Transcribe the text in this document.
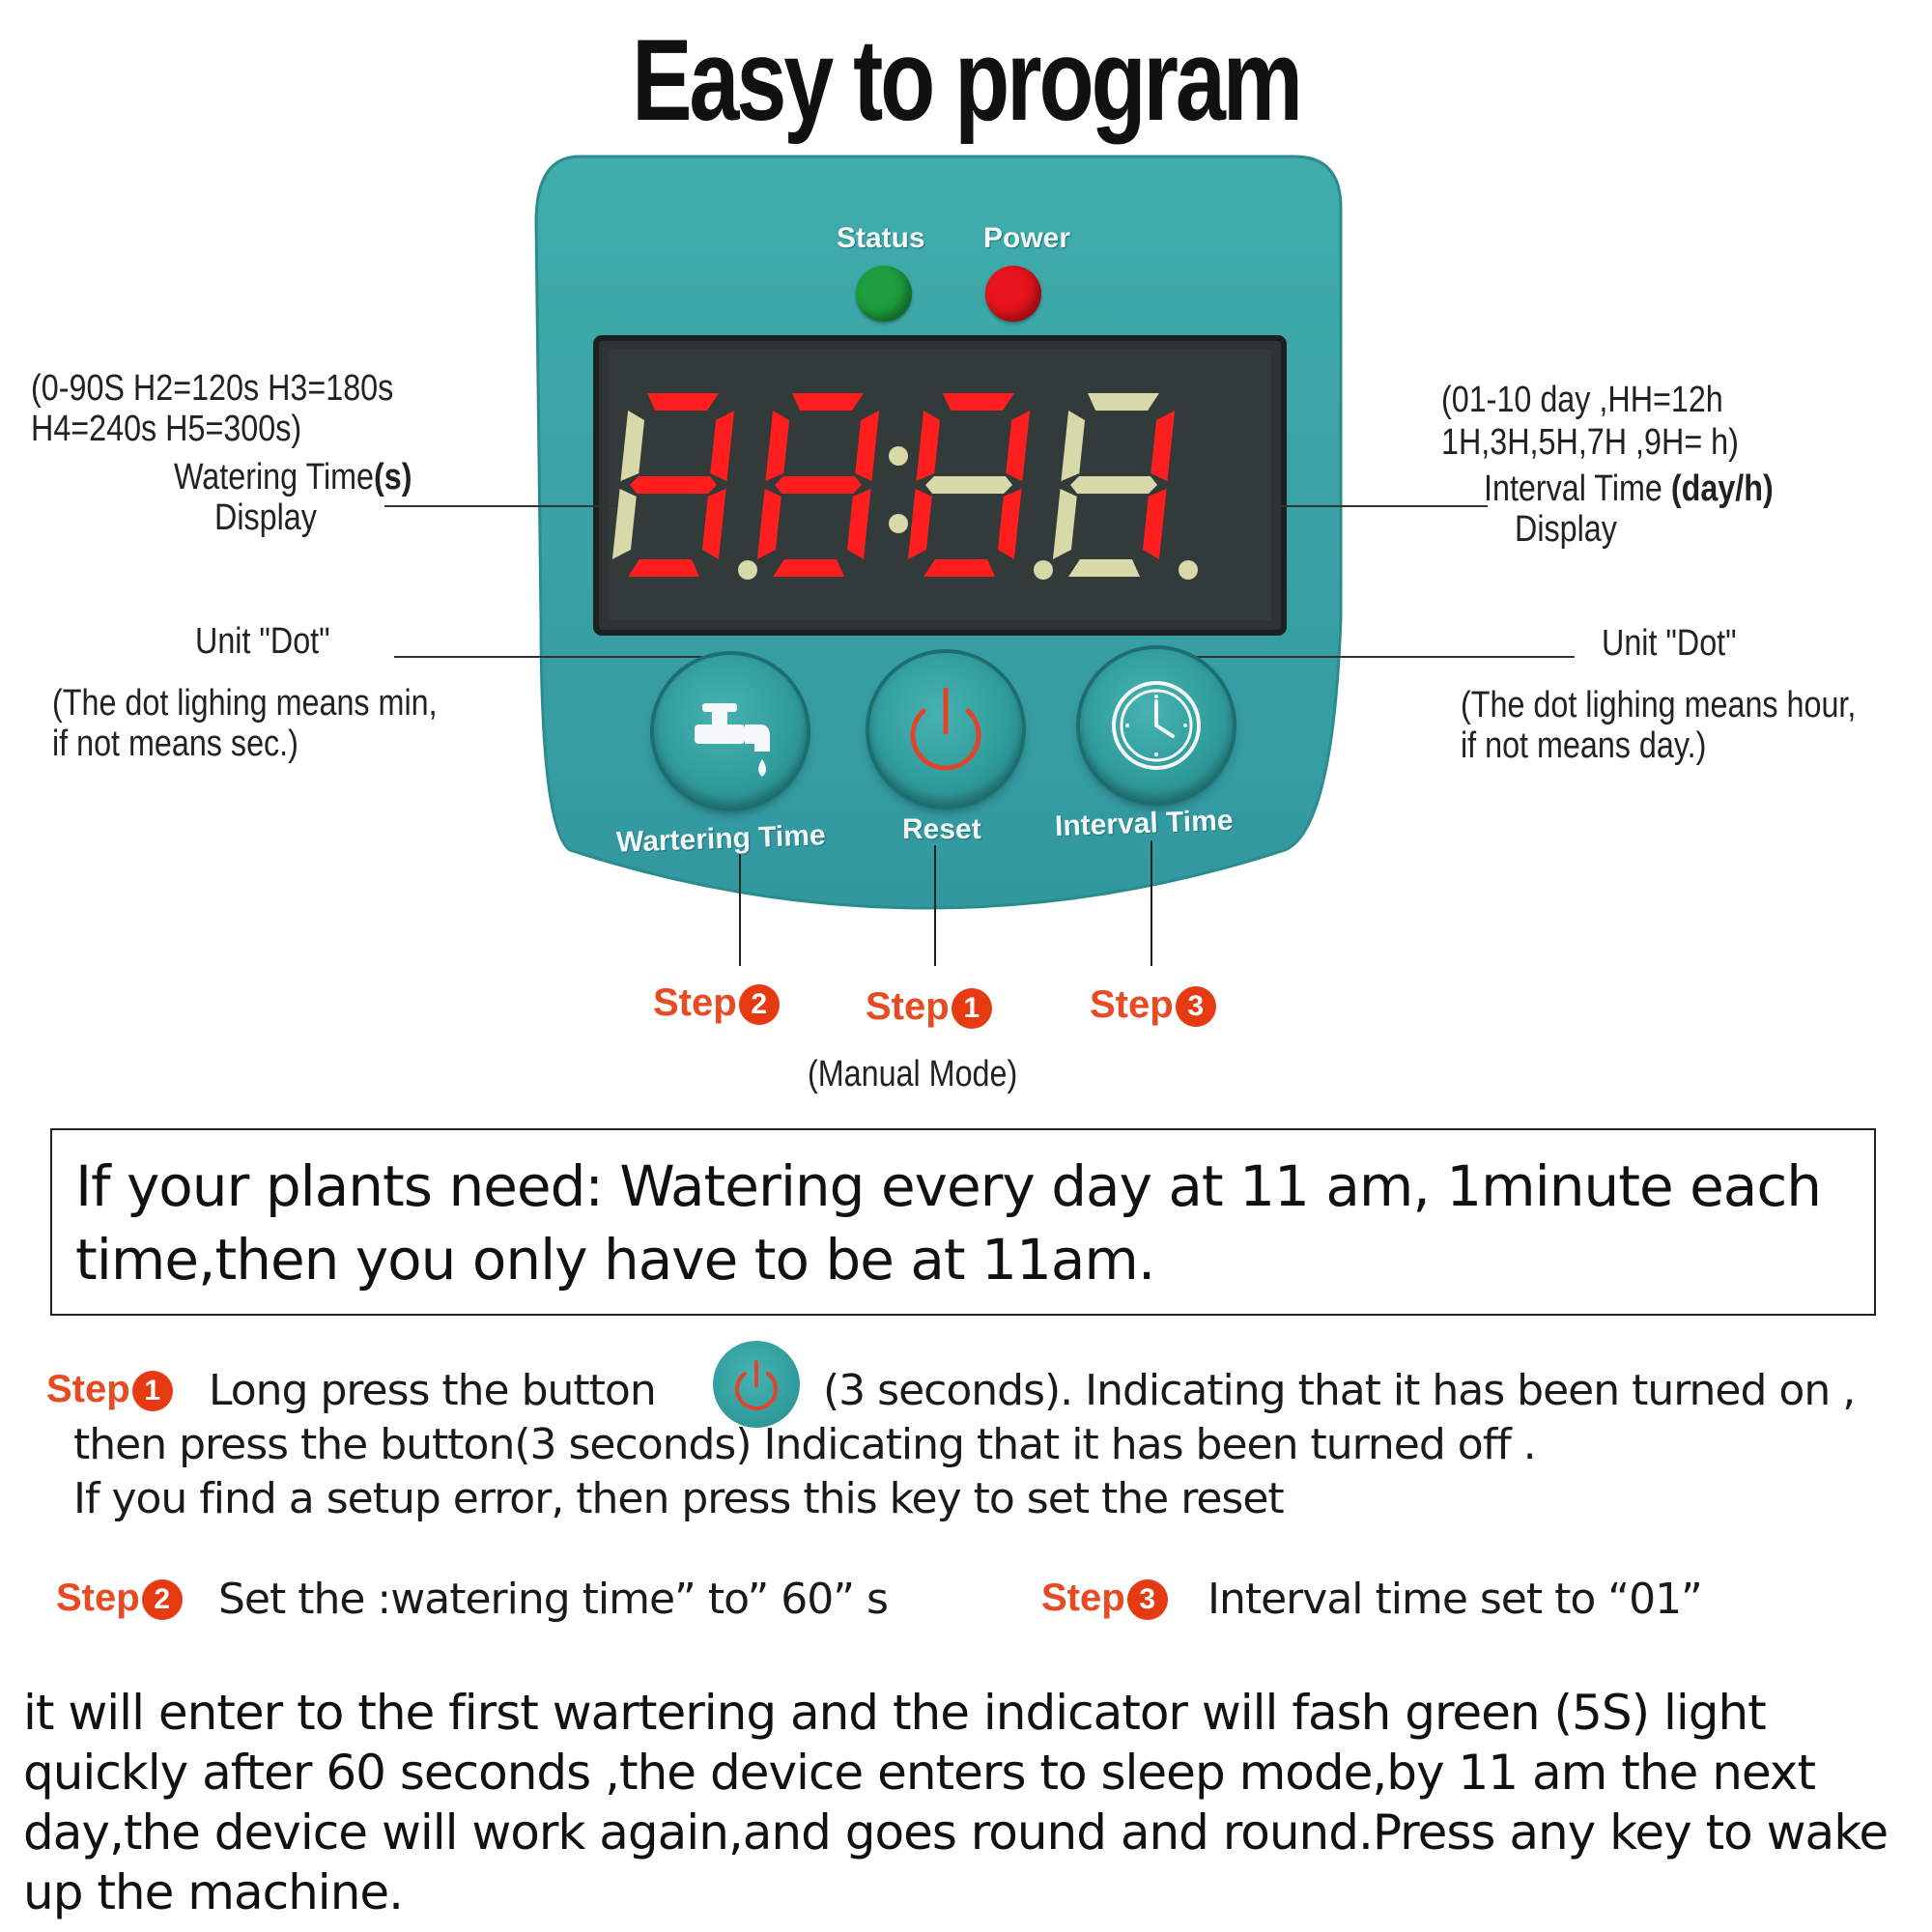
Easy to program
Status Power
Wartering Time	Reset	Interval Time
(0-90S H2=120s H3=180s
H4=240s H5=300s)
Watering Time(s)
Display
Unit "Dot"
(The dot lighing means min,
if not means sec.)
(01-10 day ,HH=12h
1H,3H,5H,7H ,9H= h)
Interval Time (day/h)
Display
Unit "Dot"
(The dot lighing means hour,
if not means day.)
Step 2	Step 1	Step 3
(Manual Mode)
If your plants need: Watering every day at 11 am, 1minute each time,then you only have to be at 11am.
Step 1 Long press the button	(3 seconds). Indicating that it has been turned on ,
then press the button(3 seconds) Indicating that it has been turned off .
If you find a setup error, then press this key to set the reset
Step 2 Set the :watering time” to” 60” s	Step 3 Interval time set to “01”
it will enter to the first wartering and the indicator will fash green (5S) light quickly after 60 seconds ,the device enters to sleep mode,by 11 am the next day,the device will work again,and goes round and round.Press any key to wake up the machine.
